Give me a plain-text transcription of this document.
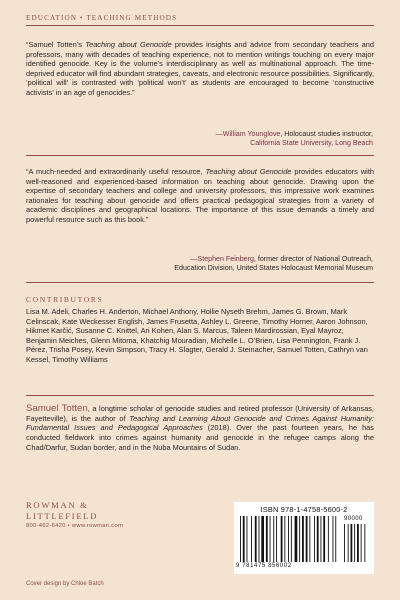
EDUCATION • TEACHING METHODS

“Samuel Totten’s Teaching about Genocide provides insights and advice from secondary teachers and professors, many with decades of teaching experience, not to mention writings touching on every major identified genocide. Key is the volume’s interdisciplinary as well as multinational approach. The time-deprived educator will find abundant strategies, caveats, and electronic resource possibilities. Significantly, ‘political will’ is contrasted with ‘political won’t’ as students are encouraged to become ‘constructive activists’ in an age of genocides.”

—William Younglove, Holocaust studies instructor,
California State University, Long Beach

“A much-needed and extraordinarily useful resource, Teaching about Genocide provides educators with well-reasoned and experienced-based information on teaching about genocide. Drawing upon the expertise of secondary teachers and college and university professors, this impressive work examines rationales for teaching about genocide and offers practical pedagogical strategies from a variety of academic disciplines and geographical locations. The importance of this issue demands a timely and powerful resource such as this book.”

—Stephen Feinberg, former director of National Outreach,
Education Division, United States Holocaust Memorial Museum

CONTRIBUTORS

Lisa M. Adeli, Charles H. Anderton, Michael Anthony, Hollie Nyseth Brehm, James G. Brown, Mark Celinscak, Kate Weckesser English, James Frusetta, Ashley L. Greene, Timothy Horner, Aaron Johnson, Hikmet Karčić, Susanne C. Knittel, Ari Kohen, Alan S. Marcus, Taleen Mardirossian, Eyal Mayroz, Benjamin Meiches, Glenn Mitoma, Khatchig Mouradian, Michelle L. O’Brien, Lisa Pennington, Frank J. Pérez, Trisha Posey, Kevin Simpson, Tracy H. Slagter, Gerald J. Steinacher, Samuel Totten, Cathryn van Kessel, Timothy Williams

Samuel Totten, a longtime scholar of genocide studies and retired professor (University of Arkansas, Fayetteville), is the author of Teaching and Learning About Genocide and Crimes Against Humanity: Fundamental Issues and Pedagogical Approaches (2018). Over the past fourteen years, he has conducted fieldwork into crimes against humanity and genocide in the refugee camps along the Chad/Darfur, Sudan border, and in the Nuba Mountains of Sudan.

ROWMAN &
LITTLEFIELD
800-462-6420 • www.rowman.com
Cover design by Chloe Batch
ISBN 978-1-4758-5600-2
90000
9 781475 856002
